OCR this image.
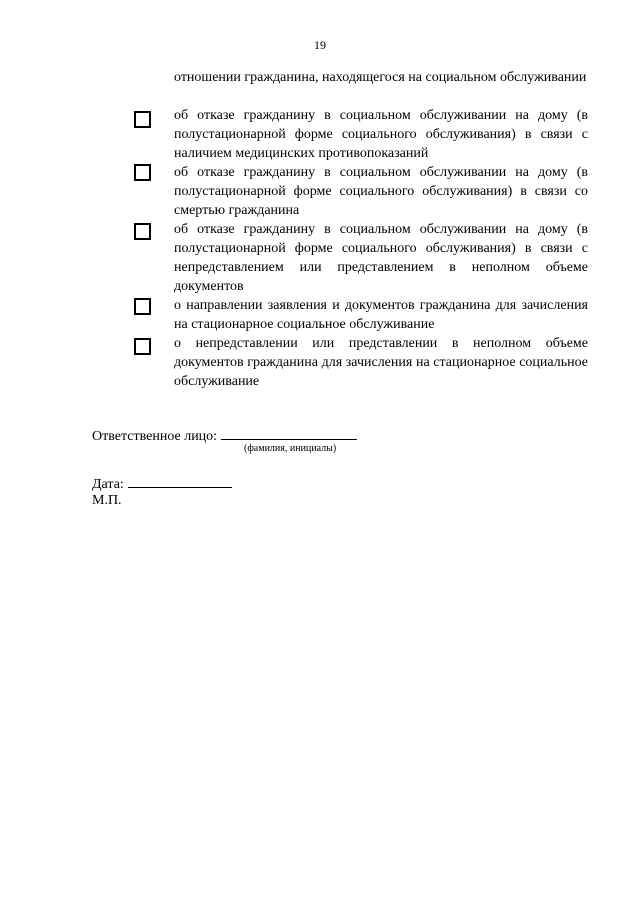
19
отношении гражданина, находящегося на социальном обслуживании
об отказе гражданину в социальном обслуживании на дому (в полустационарной форме социального обслуживания) в связи с наличием медицинских противопоказаний
об отказе гражданину в социальном обслуживании на дому (в полустационарной форме социального обслуживания) в связи со смертью гражданина
об отказе гражданину в социальном обслуживании на дому (в полустационарной форме социального обслуживания) в связи с непредставлением или представлением в неполном объеме документов
о направлении заявления и документов гражданина для зачисления на стационарное социальное обслуживание
о непредставлении или представлении в неполном объеме документов гражданина для зачисления на стационарное социальное обслуживание
Ответственное лицо:
(фамилия, инициалы)
Дата:
М.П.
